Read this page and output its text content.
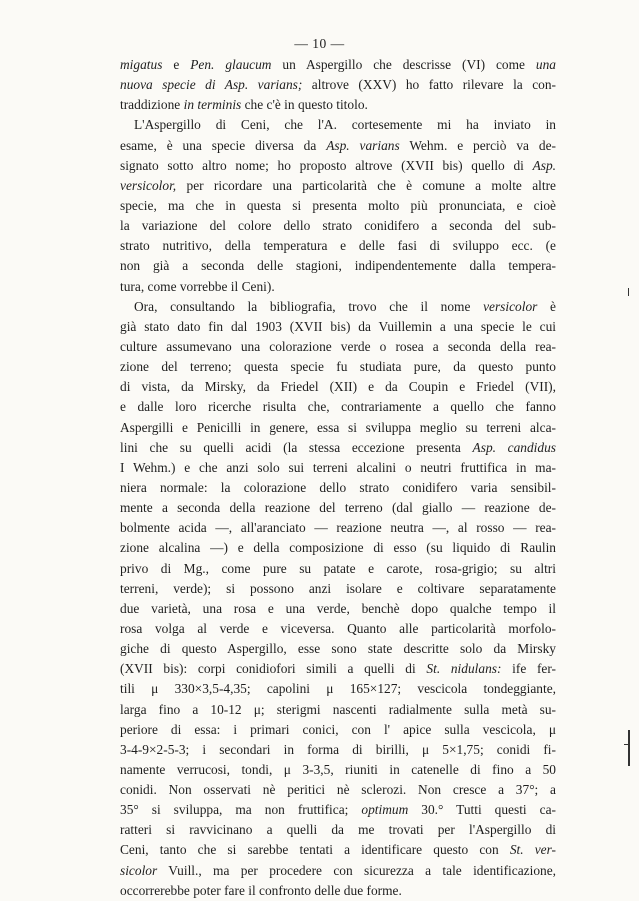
— 10 —
migatus e Pen. glaucum un Aspergillo che descrisse (VI) come una
nuova specie di Asp. varians; altrove (XXV) ho fatto rilevare la con-
traddizione in terminis che c'è in questo titolo.
L'Aspergillo di Ceni, che l'A. cortesemente mi ha inviato in
esame, è una specie diversa da Asp. varians Wehm. e perciò va de-
signato sotto altro nome; ho proposto altrove (XVII bis) quello di Asp.
versicolor, per ricordare una particolarità che è comune a molte altre
specie, ma che in questa si presenta molto più pronunciata, e cioè
la variazione del colore dello strato conidifero a seconda del sub-
strato nutritivo, della temperatura e delle fasi di sviluppo ecc. (e
non già a seconda delle stagioni, indipendentemente dalla tempera-
tura, come vorrebbe il Ceni).
Ora, consultando la bibliografia, trovo che il nome versicolor è
già stato dato fin dal 1903 (XVII bis) da Vuillemin a una specie le cui
culture assumevano una colorazione verde o rosea a seconda della rea-
zione del terreno; questa specie fu studiata pure, da questo punto
di vista, da Mirsky, da Friedel (XII) e da Coupin e Friedel (VII),
e dalle loro ricerche risulta che, contrariamente a quello che fanno
Aspergilli e Penicilli in genere, essa si sviluppa meglio su terreni alca-
lini che su quelli acidi (la stessa eccezione presenta Asp. candidus
I Wehm.) e che anzi solo sui terreni alcalini o neutri fruttifica in ma-
niera normale: la colorazione dello strato conidifero varia sensibil-
mente a seconda della reazione del terreno (dal giallo — reazione de-
bolmente acida —, all'aranciato — reazione neutra —, al rosso — rea-
zione alcalina —) e della composizione di esso (su liquido di Raulin
privo di Mg., come pure su patate e carote, rosa-grigio; su altri
terreni, verde); si possono anzi isolare e coltivare separatamente
due varietà, una rosa e una verde, benchè dopo qualche tempo il
rosa volga al verde e viceversa. Quanto alle particolarità morfolo-
giche di questo Aspergillo, esse sono state descritte solo da Mirsky
(XVII bis): corpi conidiofori simili a quelli di St. nidulans: ife fer-
tili μ 330×3,5-4,35; capolini μ 165×127; vescicola tondeggiante,
larga fino a 10-12 μ; sterigmi nascenti radialmente sulla metà su-
periore di essa: i primari conici, con l' apice sulla vescicola, μ
3-4-9×2-5-3; i secondari in forma di birilli, μ 5×1,75; conidi fi-
namente verrucosi, tondi, μ 3-3,5, riuniti in catenelle di fino a 50
conidi. Non osservati nè peritici nè sclerozi. Non cresce a 37°; a
35° si sviluppa, ma non fruttifica; optimum 30.° Tutti questi ca-
ratteri si ravvicinano a quelli da me trovati per l'Aspergillo di
Ceni, tanto che si sarebbe tentati a identificare questo con St. ver-
sicolor Vuill., ma per procedere con sicurezza a tale identificazione,
occorrerebbe poter fare il confronto delle due forme.
